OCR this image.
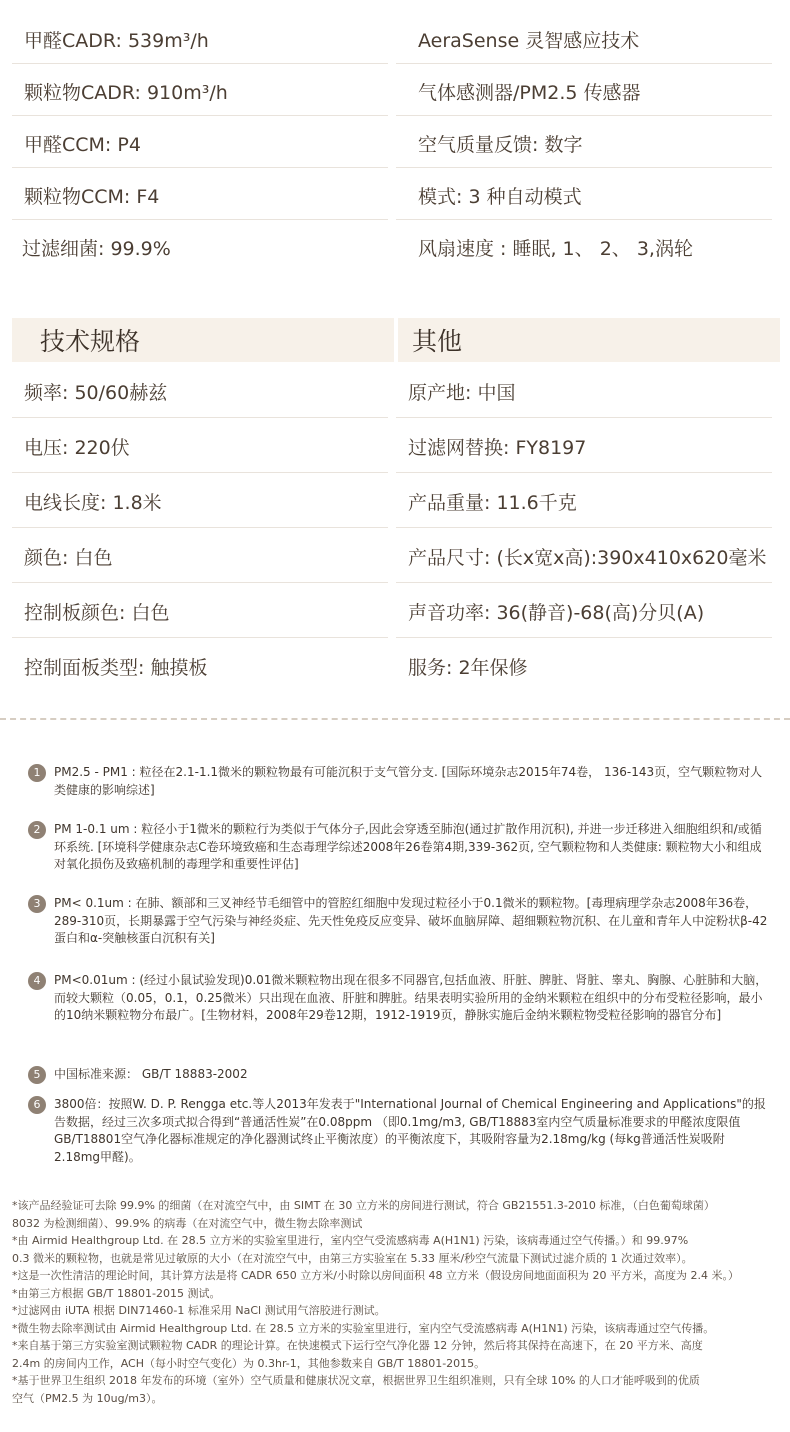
甲醛CADR: 539m³/h	AeraSense 灵智感应技术
颗粒物CADR: 910m³/h	气体感测器/PM2.5 传感器
甲醛CCM: P4	空气质量反馈: 数字
颗粒物CCM: F4	模式: 3 种自动模式
过滤细菌: 99.9%	风扇速度 : 睡眠, 1、 2、 3,涡轮
技术规格	其他
频率: 50/60赫兹	原产地: 中国
电压: 220伏	过滤网替换: FY8197
电线长度: 1.8米	产品重量: 11.6千克
颜色: 白色	产品尺寸: (长x宽x高):390x410x620毫米
控制板颜色: 白色	声音功率: 36(静音)-68(高)分贝(A)
控制面板类型: 触摸板	服务: 2年保修
1	PM2.5 - PM1 : 粒径在2.1-1.1微米的颗粒物最有可能沉积于支气管分支. [国际环境杂志2015年74卷， 136-143页，空气颗粒物对人类健康的影响综述]
2	PM 1-0.1 um : 粒径小于1微米的颗粒行为类似于气体分子,因此会穿透至肺泡(通过扩散作用沉积), 并进一步迁移进入细胞组织和/或循环系统. [环境科学健康杂志C卷环境致癌和生态毒理学综述2008年26卷第4期,339-362页, 空气颗粒物和人类健康: 颗粒物大小和组成对氧化损伤及致癌机制的毒理学和重要性评估]
3	PM< 0.1um : 在肺、额部和三叉神经节毛细管中的管腔红细胞中发现过粒径小于0.1微米的颗粒物。[毒理病理学杂志2008年36卷，289-310页，长期暴露于空气污染与神经炎症、先天性免疫反应变异、破坏血脑屏障、超细颗粒物沉积、在儿童和青年人中淀粉状β-42蛋白和α-突触核蛋白沉积有关]
4	PM<0.01um : (经过小鼠试验发现)0.01微米颗粒物出现在很多不同器官,包括血液、肝脏、脾脏、肾脏、睾丸、胸腺、心脏肺和大脑，而较大颗粒（0.05，0.1，0.25微米）只出现在血液、肝脏和脾脏。结果表明实验所用的金纳米颗粒在组织中的分布受粒径影响，最小的10纳米颗粒物分布最广。[生物材料，2008年29卷12期，1912-1919页，静脉实施后金纳米颗粒物受粒径影响的器官分布]
5	中国标准来源： GB/T 18883-2002
6	3800倍：按照W. D. P. Rengga etc.等人2013年发表于"International Journal of Chemical Engineering and Applications"的报告数据，经过三次多项式拟合得到“普通活性炭”在0.08ppm （即0.1mg/m3, GB/T18883室内空气质量标准要求的甲醛浓度限值GB/T18801空气净化器标准规定的净化器测试终止平衡浓度）的平衡浓度下，其吸附容量为2.18mg/kg (每kg普通活性炭吸附2.18mg甲醛)。

*该产品经验证可去除 99.9% 的细菌（在对流空气中，由 SIMT 在 30 立方米的房间进行测试，符合 GB21551.3-2010 标准，（白色葡萄球菌）

8032 为检测细菌）、99.9% 的病毒（在对流空气中，微生物去除率测试

*由 Airmid Healthgroup Ltd. 在 28.5 立方米的实验室里进行，室内空气受流感病毒 A(H1N1) 污染，该病毒通过空气传播。）和 99.97%

0.3 微米的颗粒物，也就是常见过敏原的大小（在对流空气中，由第三方实验室在 5.33 厘米/秒空气流量下测试过滤介质的 1 次通过效率）。

*这是一次性清洁的理论时间，其计算方法是将 CADR 650 立方米/小时除以房间面积 48 立方米（假设房间地面面积为 20 平方米，高度为 2.4 米。）

*由第三方根据 GB/T 18801-2015 测试。

*过滤网由 iUTA 根据 DIN71460-1 标准采用 NaCl 测试用气溶胶进行测试。

*微生物去除率测试由 Airmid Healthgroup Ltd. 在 28.5 立方米的实验室里进行，室内空气受流感病毒 A(H1N1) 污染，该病毒通过空气传播。

*来自基于第三方实验室测试颗粒物 CADR 的理论计算。在快速模式下运行空气净化器 12 分钟，然后将其保持在高速下，在 20 平方米、高度

2.4m 的房间内工作，ACH（每小时空气变化）为 0.3hr-1，其他参数来自 GB/T 18801-2015。

*基于世界卫生组织 2018 年发布的环境（室外）空气质量和健康状况文章，根据世界卫生组织准则，只有全球 10% 的人口才能呼吸到的优质

空气（PM2.5 为 10ug/m3）。
